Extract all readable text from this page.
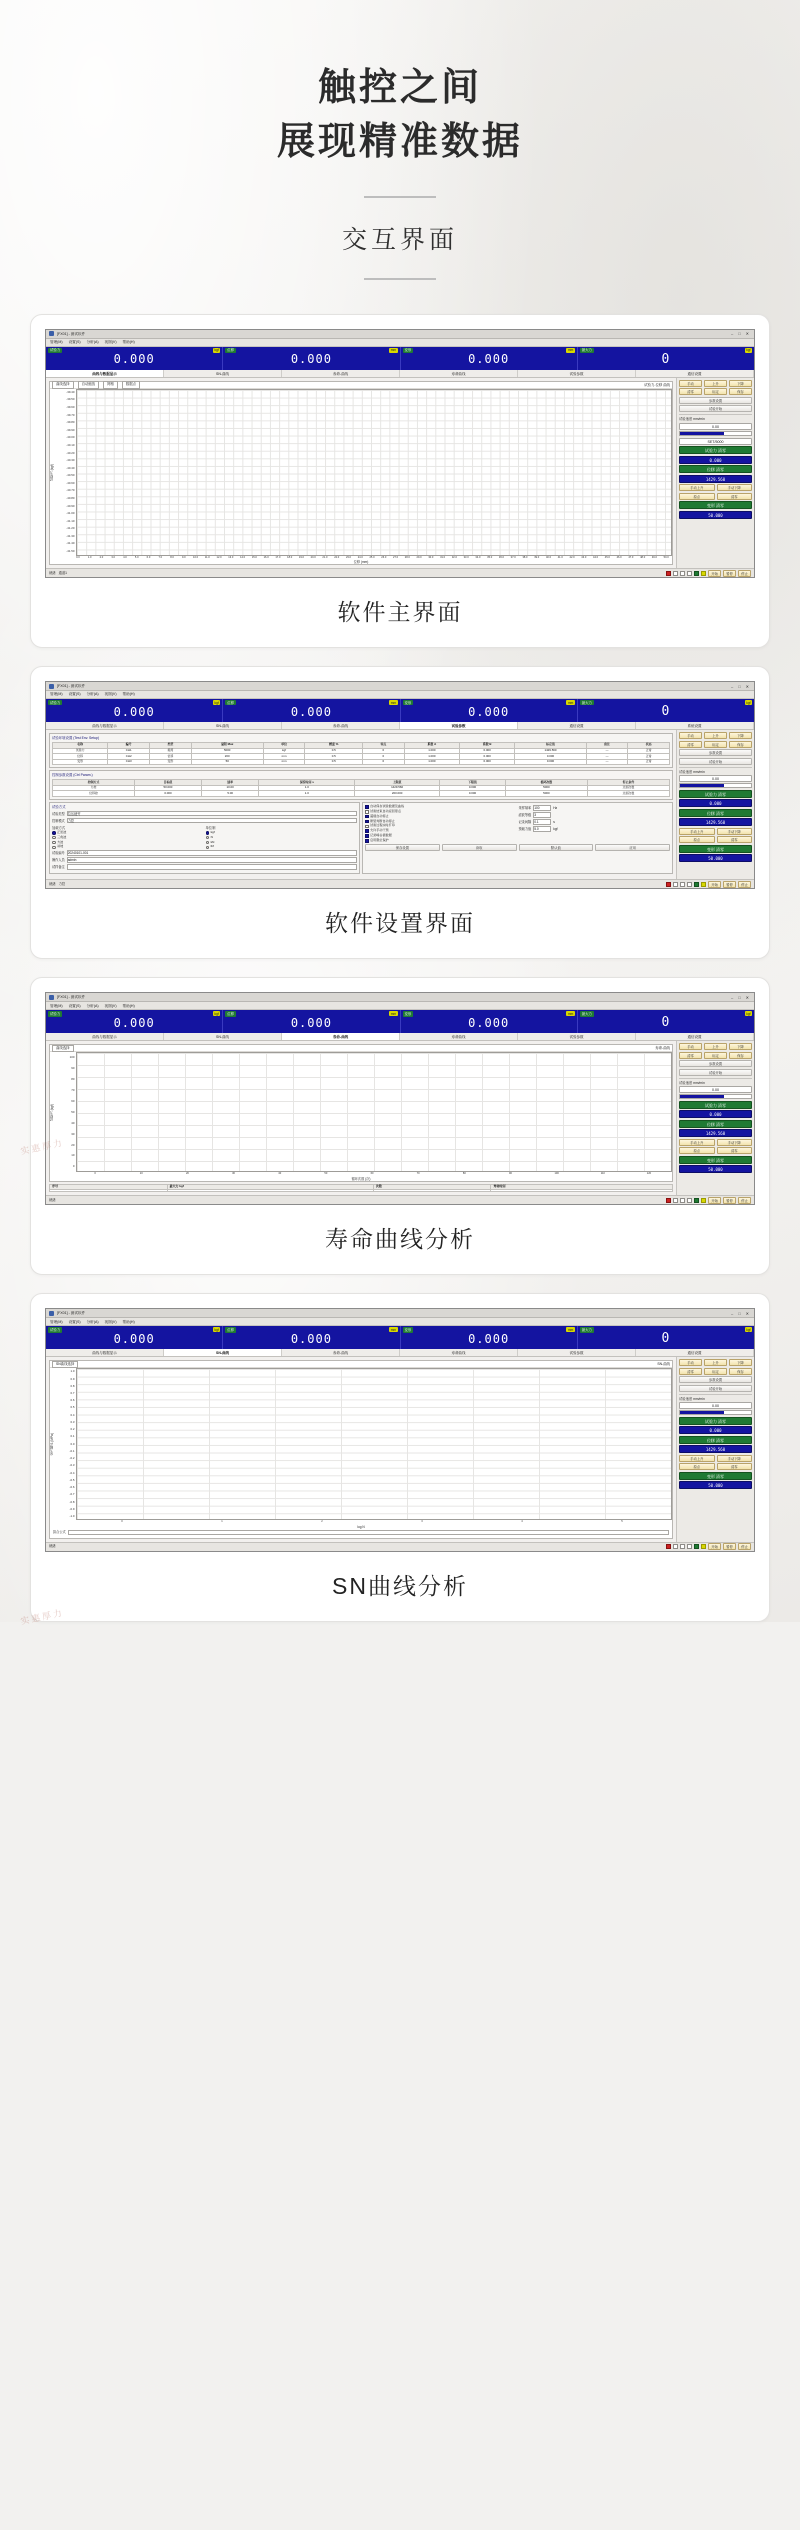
触控之间
展现精准数据
交互界面
[FX01] - 测试软件	– □ ✕
管理(M) 设置(S) 分析(A) 视图(V) 帮助(H)
试验力	kgf
0.000
位移	mm
0.000
变形	mm
0.000
最大力	kgf
0
曲线与数据显示	SN-曲线	寿命-曲线	寿命曲线	试验参数	通信设置
曲线选择	自动缩放	网格	数据点	试验力-位移 曲线
试验力 (kgf)
-39.40
-39.50
-39.60
-39.70
-39.80
-39.90
-40.00
-40.10
-40.20
-40.30
-40.40
-40.50
-40.60
-40.70
-40.80
-40.90
-41.00
-41.10
-41.20
-41.30
-41.40
-41.50
0.0	1.0	2.0	3.0	4.0	5.0	6.0	7.0	8.0	9.0	10.0	11.0	12.0	13.0	14.0	15.0	16.0	17.0	18.0	19.0	20.0	21.0	22.0	23.0	24.0	25.0	26.0	27.0	28.0	29.0	30.0	31.0	32.0	33.0	34.0	35.0	36.0	37.0	38.0	39.0	40.0	41.0	42.0	43.0	44.0	45.0	46.0	47.0	48.0	49.0	50.0
位移 (mm)
手动	上升	下降
清零	标定	保存
参数设置
试验开始
试验速度 mm/min
0.00
SET/5000
试验力 清零
0.000
位移 清零
1429.560
手动上升	手动下降
原点	清零
变形 清零
50.000
就绪 通道1	开始	暂停	停止
软件主界面
[FX01] - 测试软件	– □ ✕
管理(M) 设置(S) 分析(A) 视图(V) 帮助(H)
试验力	kgf
0.000
位移	mm
0.000
变形	mm
0.000
最大力	kgf
0
曲线与数据显示	SN-曲线	寿命-曲线	试验参数	通信设置	系统设置
试验环境设置 (Test Env. Setup)
名称	编号	类型	量程 Max	单位	精度 %	零点	系数 A	系数 B	标定值	备注	状态
试验力	CH1	载荷	5000	kgf	0.5	0	1.000	0.000	1429.560	—	正常
位移	CH2	位移	200	mm	0.5	0	1.000	0.000	0.000	—	正常
变形	CH3	变形	50	mm	0.5	0	1.000	0.000	0.000	—	正常
控制参数设置 (Ctrl Param.)
控制方式	目标值	速率	保持时间 s	上限值	下限值	循环次数	停止条件
力控	50.000	10.00	1.0	1429.560	0.000	5000	达到次数
位移控	0.000	5.00	1.0	200.000	0.000	5000	达到次数
试验方式
试验类型 拉压疲劳
控制模式 力控
加载方式
正弦波
三角波
方波
斜坡
单位制
kgf
N
kN
lbf
试验编号 20240101-001
操作人员 admin
试样备注
自动保存试验数据及曲线
试验结束自动返回原点
超载自动停止
断裂判断自动停止
试验过程实时打印
允许手动干预
记录峰谷值数据
启用限位保护
采样频率 100	Hz
滤波等级 3
记录间隔 0.1	s
预载力值 5.0	kgf
保存设置	读取	默认值	应用
手动	上升	下降
清零	标定	保存
参数设置
试验开始
试验速度 mm/min
0.00
试验力 清零
0.000
位移 清零
1429.560
手动上升	手动下降
原点	清零
变形 清零
50.000
就绪 力控	开始	暂停	停止
软件设置界面
[FX01] - 测试软件	– □ ✕
管理(M) 设置(S) 分析(A) 视图(V) 帮助(H)
试验力	kgf
0.000
位移	mm
0.000
变形	mm
0.000
最大力	kgf
0
曲线与数据显示	SN-曲线	寿命-曲线	寿命曲线	试验参数	通信设置
曲线选择	寿命-曲线
试验力 (kgf)
100
90
80
70
60
50
40
30
20
10
0
0	10	20	30	40	50	60	70	80	90	100	110	120
循环次数 (次)
序号	最大力 kgf	次数	寿命时间

手动	上升	下降
清零	标定	保存
参数设置
试验开始
试验速度 mm/min
0.00
试验力 清零
0.000
位移 清零
1429.560
手动上升	手动下降
原点	清零
变形 清零
50.000
就绪	开始	暂停	停止
寿命曲线分析
[FX01] - 测试软件	– □ ✕
管理(M) 设置(S) 分析(A) 视图(V) 帮助(H)
试验力	kgf
0.000
位移	mm
0.000
变形	mm
0.000
最大力	kgf
0
曲线与数据显示	SN-曲线	寿命-曲线	寿命曲线	试验参数	通信设置
SN曲线选择	SN-曲线
应力幅 S (MPa)
1.0
0.9
0.8
0.7
0.6
0.5
0.4
0.3
0.2
0.1
0.0
-0.1
-0.2
-0.3
-0.4
-0.5
-0.6
-0.7
-0.8
-0.9
-1.0
0	1	2	3	4	5
log N
拟合公式
手动	上升	下降
清零	标定	保存
参数设置
试验开始
试验速度 mm/min
0.00
试验力 清零
0.000
位移 清零
1429.560
手动上升	手动下降
原点	清零
变形 清零
50.000
就绪	开始	暂停	停止
SN曲线分析
实惠厚力
实惠厚力
